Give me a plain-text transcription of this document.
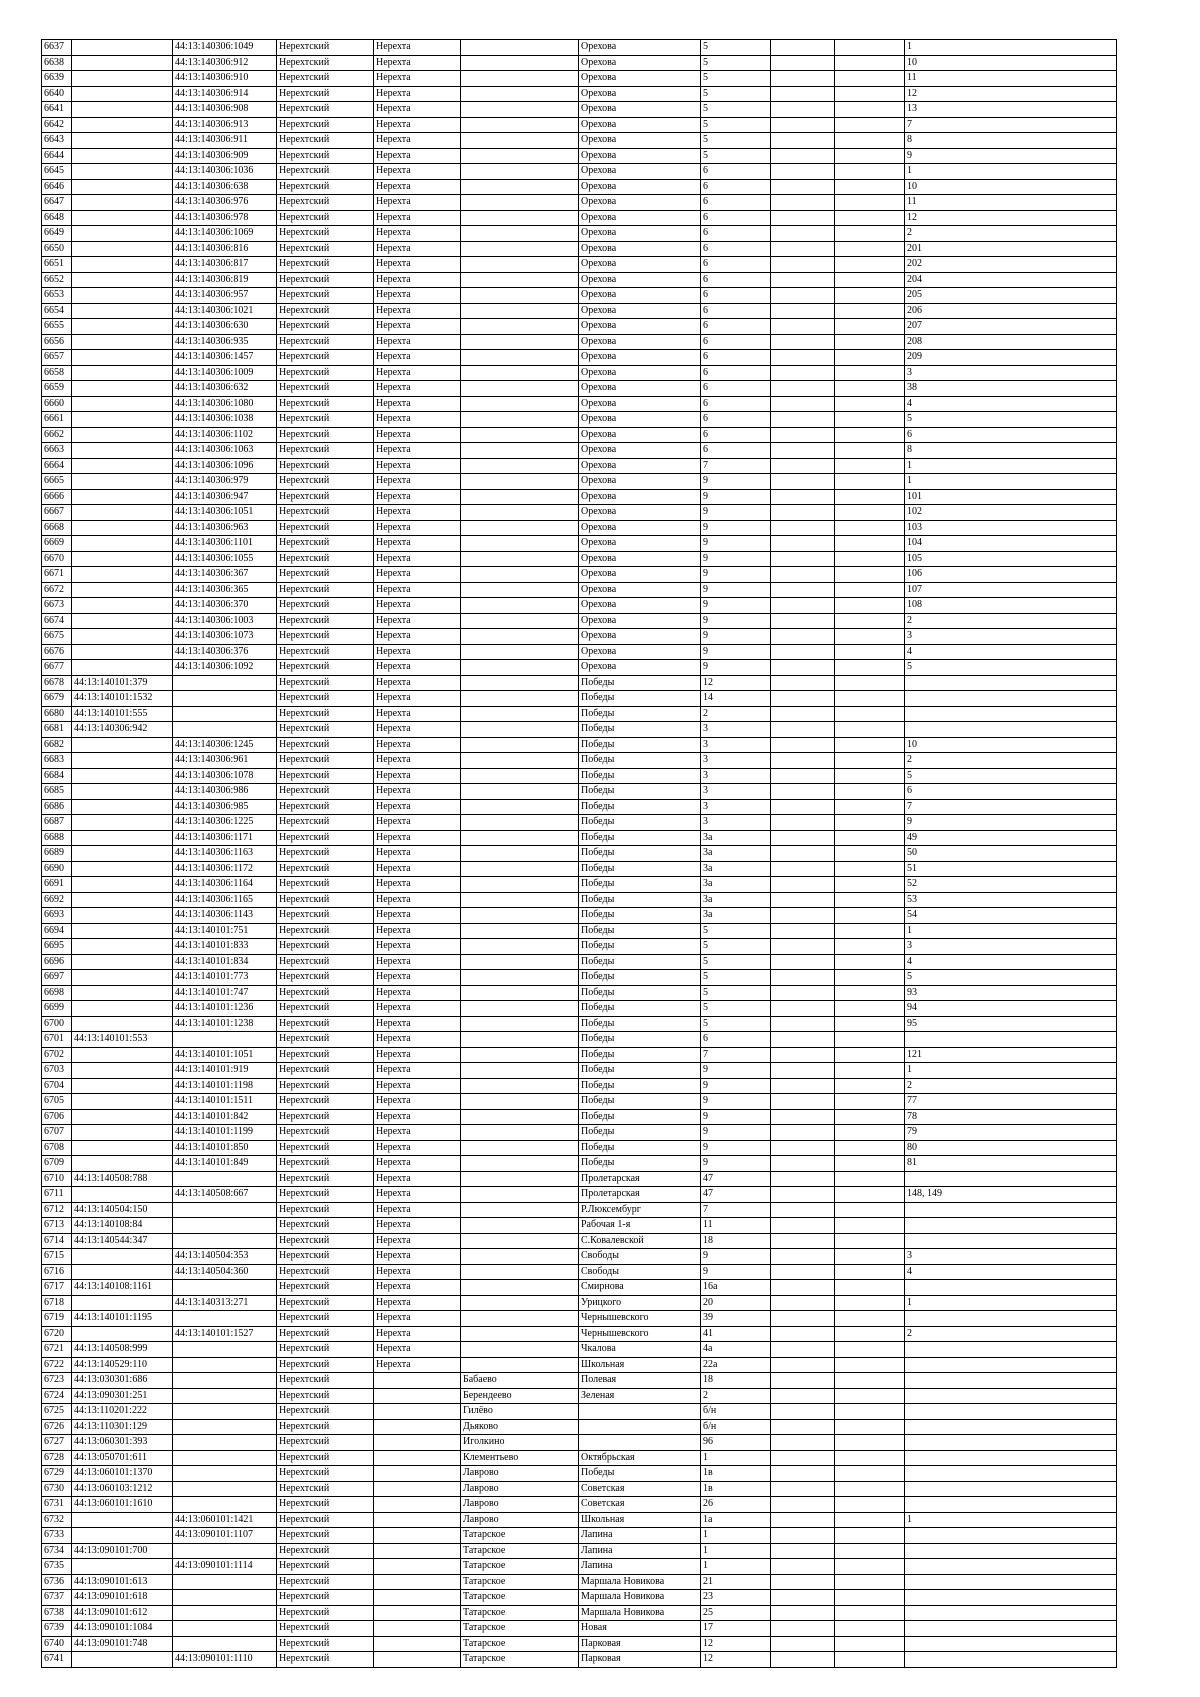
6637		44:13:140306:1049	Нерехтский	Нерехта		Орехова	5			1
6638		44:13:140306:912	Нерехтский	Нерехта		Орехова	5			10
6639		44:13:140306:910	Нерехтский	Нерехта		Орехова	5			11
6640		44:13:140306:914	Нерехтский	Нерехта		Орехова	5			12
6641		44:13:140306:908	Нерехтский	Нерехта		Орехова	5			13
6642		44:13:140306:913	Нерехтский	Нерехта		Орехова	5			7
6643		44:13:140306:911	Нерехтский	Нерехта		Орехова	5			8
6644		44:13:140306:909	Нерехтский	Нерехта		Орехова	5			9
6645		44:13:140306:1036	Нерехтский	Нерехта		Орехова	6			1
6646		44:13:140306:638	Нерехтский	Нерехта		Орехова	6			10
6647		44:13:140306:976	Нерехтский	Нерехта		Орехова	6			11
6648		44:13:140306:978	Нерехтский	Нерехта		Орехова	6			12
6649		44:13:140306:1069	Нерехтский	Нерехта		Орехова	6			2
6650		44:13:140306:816	Нерехтский	Нерехта		Орехова	6			201
6651		44:13:140306:817	Нерехтский	Нерехта		Орехова	6			202
6652		44:13:140306:819	Нерехтский	Нерехта		Орехова	6			204
6653		44:13:140306:957	Нерехтский	Нерехта		Орехова	6			205
6654		44:13:140306:1021	Нерехтский	Нерехта		Орехова	6			206
6655		44:13:140306:630	Нерехтский	Нерехта		Орехова	6			207
6656		44:13:140306:935	Нерехтский	Нерехта		Орехова	6			208
6657		44:13:140306:1457	Нерехтский	Нерехта		Орехова	6			209
6658		44:13:140306:1009	Нерехтский	Нерехта		Орехова	6			3
6659		44:13:140306:632	Нерехтский	Нерехта		Орехова	6			38
6660		44:13:140306:1080	Нерехтский	Нерехта		Орехова	6			4
6661		44:13:140306:1038	Нерехтский	Нерехта		Орехова	6			5
6662		44:13:140306:1102	Нерехтский	Нерехта		Орехова	6			6
6663		44:13:140306:1063	Нерехтский	Нерехта		Орехова	6			8
6664		44:13:140306:1096	Нерехтский	Нерехта		Орехова	7			1
6665		44:13:140306:979	Нерехтский	Нерехта		Орехова	9			1
6666		44:13:140306:947	Нерехтский	Нерехта		Орехова	9			101
6667		44:13:140306:1051	Нерехтский	Нерехта		Орехова	9			102
6668		44:13:140306:963	Нерехтский	Нерехта		Орехова	9			103
6669		44:13:140306:1101	Нерехтский	Нерехта		Орехова	9			104
6670		44:13:140306:1055	Нерехтский	Нерехта		Орехова	9			105
6671		44:13:140306:367	Нерехтский	Нерехта		Орехова	9			106
6672		44:13:140306:365	Нерехтский	Нерехта		Орехова	9			107
6673		44:13:140306:370	Нерехтский	Нерехта		Орехова	9			108
6674		44:13:140306:1003	Нерехтский	Нерехта		Орехова	9			2
6675		44:13:140306:1073	Нерехтский	Нерехта		Орехова	9			3
6676		44:13:140306:376	Нерехтский	Нерехта		Орехова	9			4
6677		44:13:140306:1092	Нерехтский	Нерехта		Орехова	9			5
6678	44:13:140101:379		Нерехтский	Нерехта		Победы	12			
6679	44:13:140101:1532		Нерехтский	Нерехта		Победы	14			
6680	44:13:140101:555		Нерехтский	Нерехта		Победы	2			
6681	44:13:140306:942		Нерехтский	Нерехта		Победы	3			
6682		44:13:140306:1245	Нерехтский	Нерехта		Победы	3			10
6683		44:13:140306:961	Нерехтский	Нерехта		Победы	3			2
6684		44:13:140306:1078	Нерехтский	Нерехта		Победы	3			5
6685		44:13:140306:986	Нерехтский	Нерехта		Победы	3			6
6686		44:13:140306:985	Нерехтский	Нерехта		Победы	3			7
6687		44:13:140306:1225	Нерехтский	Нерехта		Победы	3			9
6688		44:13:140306:1171	Нерехтский	Нерехта		Победы	3а			49
6689		44:13:140306:1163	Нерехтский	Нерехта		Победы	3а			50
6690		44:13:140306:1172	Нерехтский	Нерехта		Победы	3а			51
6691		44:13:140306:1164	Нерехтский	Нерехта		Победы	3а			52
6692		44:13:140306:1165	Нерехтский	Нерехта		Победы	3а			53
6693		44:13:140306:1143	Нерехтский	Нерехта		Победы	3а			54
6694		44:13:140101:751	Нерехтский	Нерехта		Победы	5			1
6695		44:13:140101:833	Нерехтский	Нерехта		Победы	5			3
6696		44:13:140101:834	Нерехтский	Нерехта		Победы	5			4
6697		44:13:140101:773	Нерехтский	Нерехта		Победы	5			5
6698		44:13:140101:747	Нерехтский	Нерехта		Победы	5			93
6699		44:13:140101:1236	Нерехтский	Нерехта		Победы	5			94
6700		44:13:140101:1238	Нерехтский	Нерехта		Победы	5			95
6701	44:13:140101:553		Нерехтский	Нерехта		Победы	6			
6702		44:13:140101:1051	Нерехтский	Нерехта		Победы	7			121
6703		44:13:140101:919	Нерехтский	Нерехта		Победы	9			1
6704		44:13:140101:1198	Нерехтский	Нерехта		Победы	9			2
6705		44:13:140101:1511	Нерехтский	Нерехта		Победы	9			77
6706		44:13:140101:842	Нерехтский	Нерехта		Победы	9			78
6707		44:13:140101:1199	Нерехтский	Нерехта		Победы	9			79
6708		44:13:140101:850	Нерехтский	Нерехта		Победы	9			80
6709		44:13:140101:849	Нерехтский	Нерехта		Победы	9			81
6710	44:13:140508:788		Нерехтский	Нерехта		Пролетарская	47			
6711		44:13:140508:667	Нерехтский	Нерехта		Пролетарская	47			148, 149
6712	44:13:140504:150		Нерехтский	Нерехта		Р.Люксембург	7			
6713	44:13:140108:84		Нерехтский	Нерехта		Рабочая 1-я	11			
6714	44:13:140544:347		Нерехтский	Нерехта		С.Ковалевской	18			
6715		44:13:140504:353	Нерехтский	Нерехта		Свободы	9			3
6716		44:13:140504:360	Нерехтский	Нерехта		Свободы	9			4
6717	44:13:140108:1161		Нерехтский	Нерехта		Смирнова	16а			
6718		44:13:140313:271	Нерехтский	Нерехта		Урицкого	20			1
6719	44:13:140101:1195		Нерехтский	Нерехта		Чернышевского	39			
6720		44:13:140101:1527	Нерехтский	Нерехта		Чернышевского	41			2
6721	44:13:140508:999		Нерехтский	Нерехта		Чкалова	4а			
6722	44:13:140529:110		Нерехтский	Нерехта		Школьная	22а			
6723	44:13:030301:686		Нерехтский		Бабаево	Полевая	18			
6724	44:13:090301:251		Нерехтский		Берендеево	Зеленая	2			
6725	44:13:110201:222		Нерехтский		Гилёво		б/н			
6726	44:13:110301:129		Нерехтский		Дьяково		б/н			
6727	44:13:060301:393		Нерехтский		Иголкино		96			
6728	44:13:050701:611		Нерехтский		Клементьево	Октябрьская	1			
6729	44:13:060101:1370		Нерехтский		Лаврово	Победы	1в			
6730	44:13:060103:1212		Нерехтский		Лаврово	Советская	1в			
6731	44:13:060101:1610		Нерехтский		Лаврово	Советская	26			
6732		44:13:060101:1421	Нерехтский		Лаврово	Школьная	1а			1
6733		44:13:090101:1107	Нерехтский		Татарское	Лапина	1			
6734	44:13:090101:700		Нерехтский		Татарское	Лапина	1			
6735		44:13:090101:1114	Нерехтский		Татарское	Лапина	1			
6736	44:13:090101:613		Нерехтский		Татарское	Маршала Новикова	21			
6737	44:13:090101:618		Нерехтский		Татарское	Маршала Новикова	23			
6738	44:13:090101:612		Нерехтский		Татарское	Маршала Новикова	25			
6739	44:13:090101:1084		Нерехтский		Татарское	Новая	17			
6740	44:13:090101:748		Нерехтский		Татарское	Парковая	12			
6741		44:13:090101:1110	Нерехтский		Татарское	Парковая	12			
